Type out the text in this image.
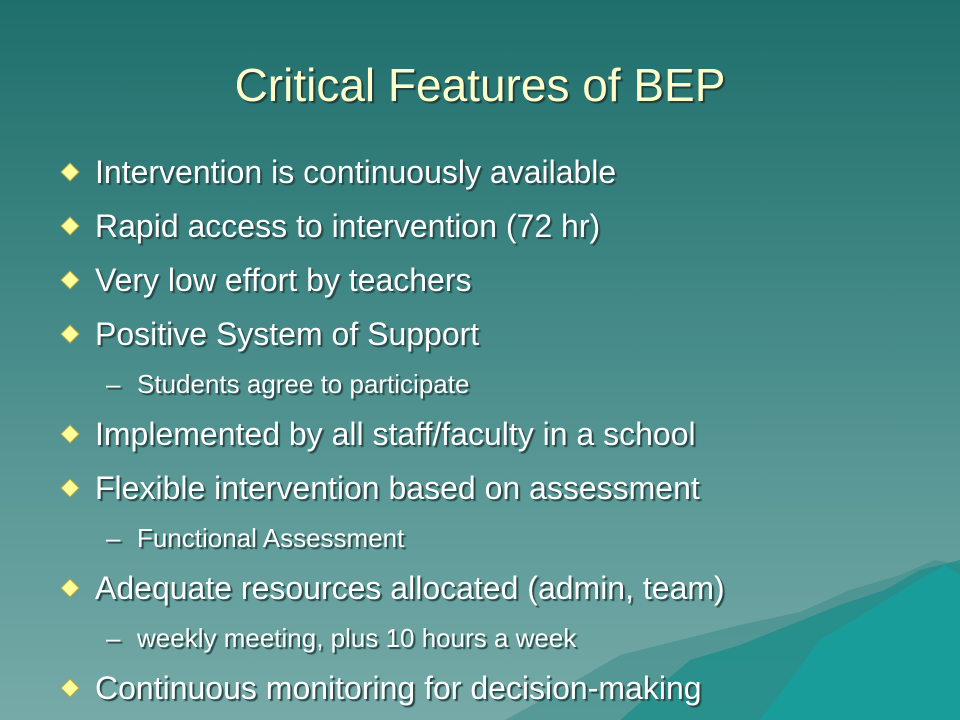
Critical Features of BEP
Intervention is continuously available
Rapid access to intervention (72 hr)
Very low effort by teachers
Positive System of Support
– Students agree to participate
Implemented by all staff/faculty in a school
Flexible intervention based on assessment
– Functional Assessment
Adequate resources allocated (admin, team)
– weekly meeting, plus 10 hours a week
Continuous monitoring for decision-making
